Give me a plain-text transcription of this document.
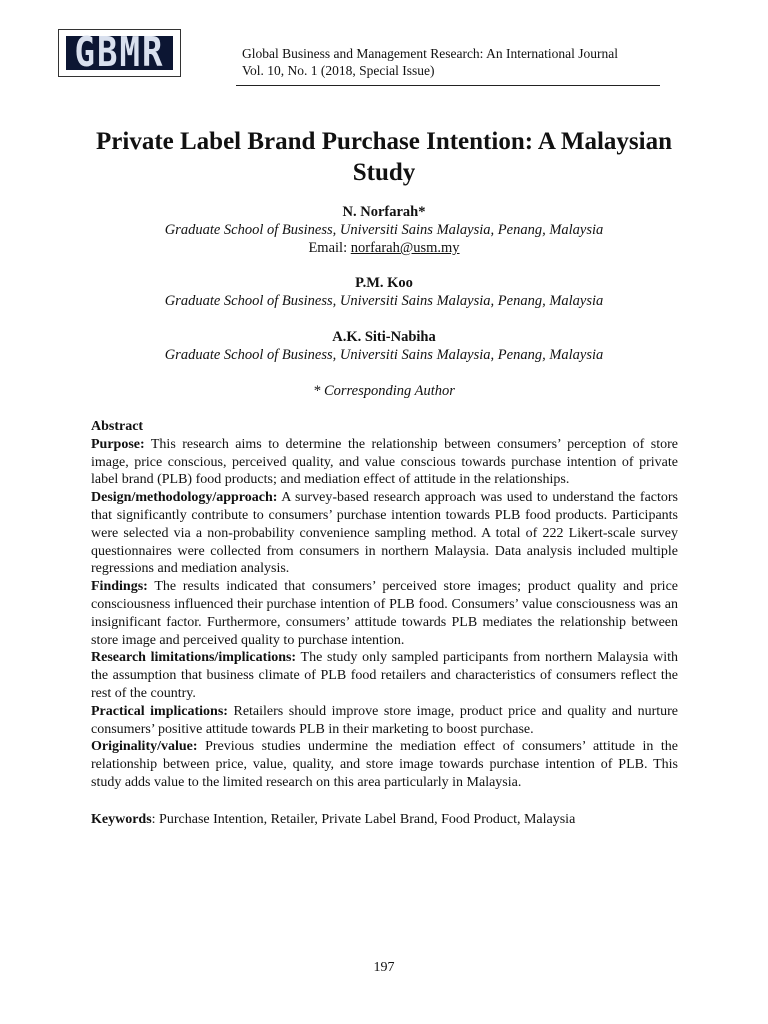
GBMR	Global Business and Management Research: An International Journal
Vol. 10, No. 1 (2018, Special Issue)
Private Label Brand Purchase Intention: A Malaysian Study
N. Norfarah*
Graduate School of Business, Universiti Sains Malaysia, Penang, Malaysia
Email: norfarah@usm.my
P.M. Koo
Graduate School of Business, Universiti Sains Malaysia, Penang, Malaysia
A.K. Siti-Nabiha
Graduate School of Business, Universiti Sains Malaysia, Penang, Malaysia
* Corresponding Author

Abstract

Purpose: This research aims to determine the relationship between consumers’ perception of store image, price conscious, perceived quality, and value conscious towards purchase intention of private label brand (PLB) food products; and mediation effect of attitude in the relationships.

Design/methodology/approach: A survey-based research approach was used to understand the factors that significantly contribute to consumers’ purchase intention towards PLB food products. Participants were selected via a non-probability convenience sampling method. A total of 222 Likert-scale survey questionnaires were collected from consumers in northern Malaysia. Data analysis included multiple regressions and mediation analysis.

Findings: The results indicated that consumers’ perceived store images; product quality and price consciousness influenced their purchase intention of PLB food. Consumers’ value consciousness was an insignificant factor. Furthermore, consumers’ attitude towards PLB mediates the relationship between store image and perceived quality to purchase intention.

Research limitations/implications: The study only sampled participants from northern Malaysia with the assumption that business climate of PLB food retailers and characteristics of consumers reflect the rest of the country.

Practical implications: Retailers should improve store image, product price and quality and nurture consumers’ positive attitude towards PLB in their marketing to boost purchase.

Originality/value: Previous studies undermine the mediation effect of consumers’ attitude in the relationship between price, value, quality, and store image towards purchase intention of PLB. This study adds value to the limited research on this area particularly in Malaysia.

Keywords: Purchase Intention, Retailer, Private Label Brand, Food Product, Malaysia
197
